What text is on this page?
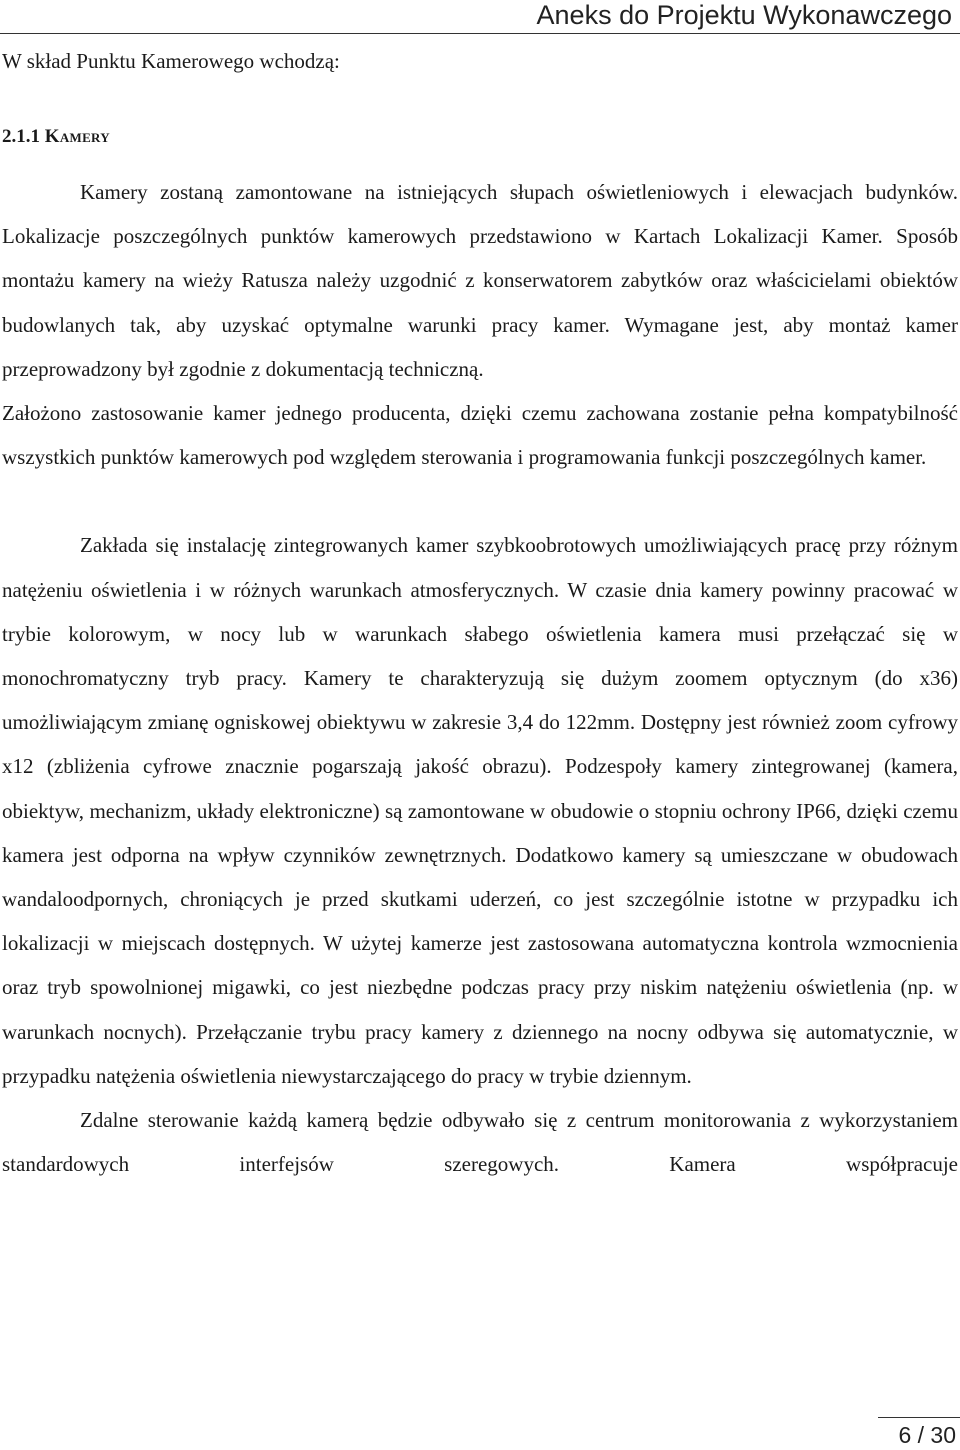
Aneks do Projektu Wykonawczego
W skład Punktu Kamerowego wchodzą:
2.1.1 Kamery

Kamery zostaną zamontowane na istniejących słupach oświetleniowych i elewacjach budynków. Lokalizacje poszczególnych punktów kamerowych przedstawiono w Kartach Lokalizacji Kamer. Sposób montażu kamery na wieży Ratusza należy uzgodnić z konserwatorem zabytków oraz właścicielami obiektów budowlanych tak, aby uzyskać optymalne warunki pracy kamer. Wymagane jest, aby montaż kamer przeprowadzony był zgodnie z dokumentacją techniczną.

Założono zastosowanie kamer jednego producenta, dzięki czemu zachowana zostanie pełna kompatybilność wszystkich punktów kamerowych pod względem sterowania i programowania funkcji poszczególnych kamer.

Zakłada się instalację zintegrowanych kamer szybkoobrotowych umożliwiających pracę przy różnym natężeniu oświetlenia i w różnych warunkach atmosferycznych. W czasie dnia kamery powinny pracować w trybie kolorowym, w nocy lub w warunkach słabego oświetlenia kamera musi przełączać się w monochromatyczny tryb pracy. Kamery te charakteryzują się dużym zoomem optycznym (do x36) umożliwiającym zmianę ogniskowej obiektywu w zakresie 3,4 do 122mm. Dostępny jest również zoom cyfrowy x12 (zbliżenia cyfrowe znacznie pogarszają jakość obrazu). Podzespoły kamery zintegrowanej (kamera, obiektyw, mechanizm, układy elektroniczne) są zamontowane w obudowie o stopniu ochrony IP66, dzięki czemu kamera jest odporna na wpływ czynników zewnętrznych. Dodatkowo kamery są umieszczane w obudowach wandaloodpornych, chroniących je przed skutkami uderzeń, co jest szczególnie istotne w przypadku ich lokalizacji w miejscach dostępnych. W użytej kamerze jest zastosowana automatyczna kontrola wzmocnienia oraz tryb spowolnionej migawki, co jest niezbędne podczas pracy przy niskim natężeniu oświetlenia (np. w warunkach nocnych). Przełączanie trybu pracy kamery z dziennego na nocny odbywa się automatycznie, w przypadku natężenia oświetlenia niewystarczającego do pracy w trybie dziennym.

Zdalne sterowanie każdą kamerą będzie odbywało się z centrum monitorowania z wykorzystaniem standardowych interfejsów szeregowych. Kamera współpracuje

6 / 30
